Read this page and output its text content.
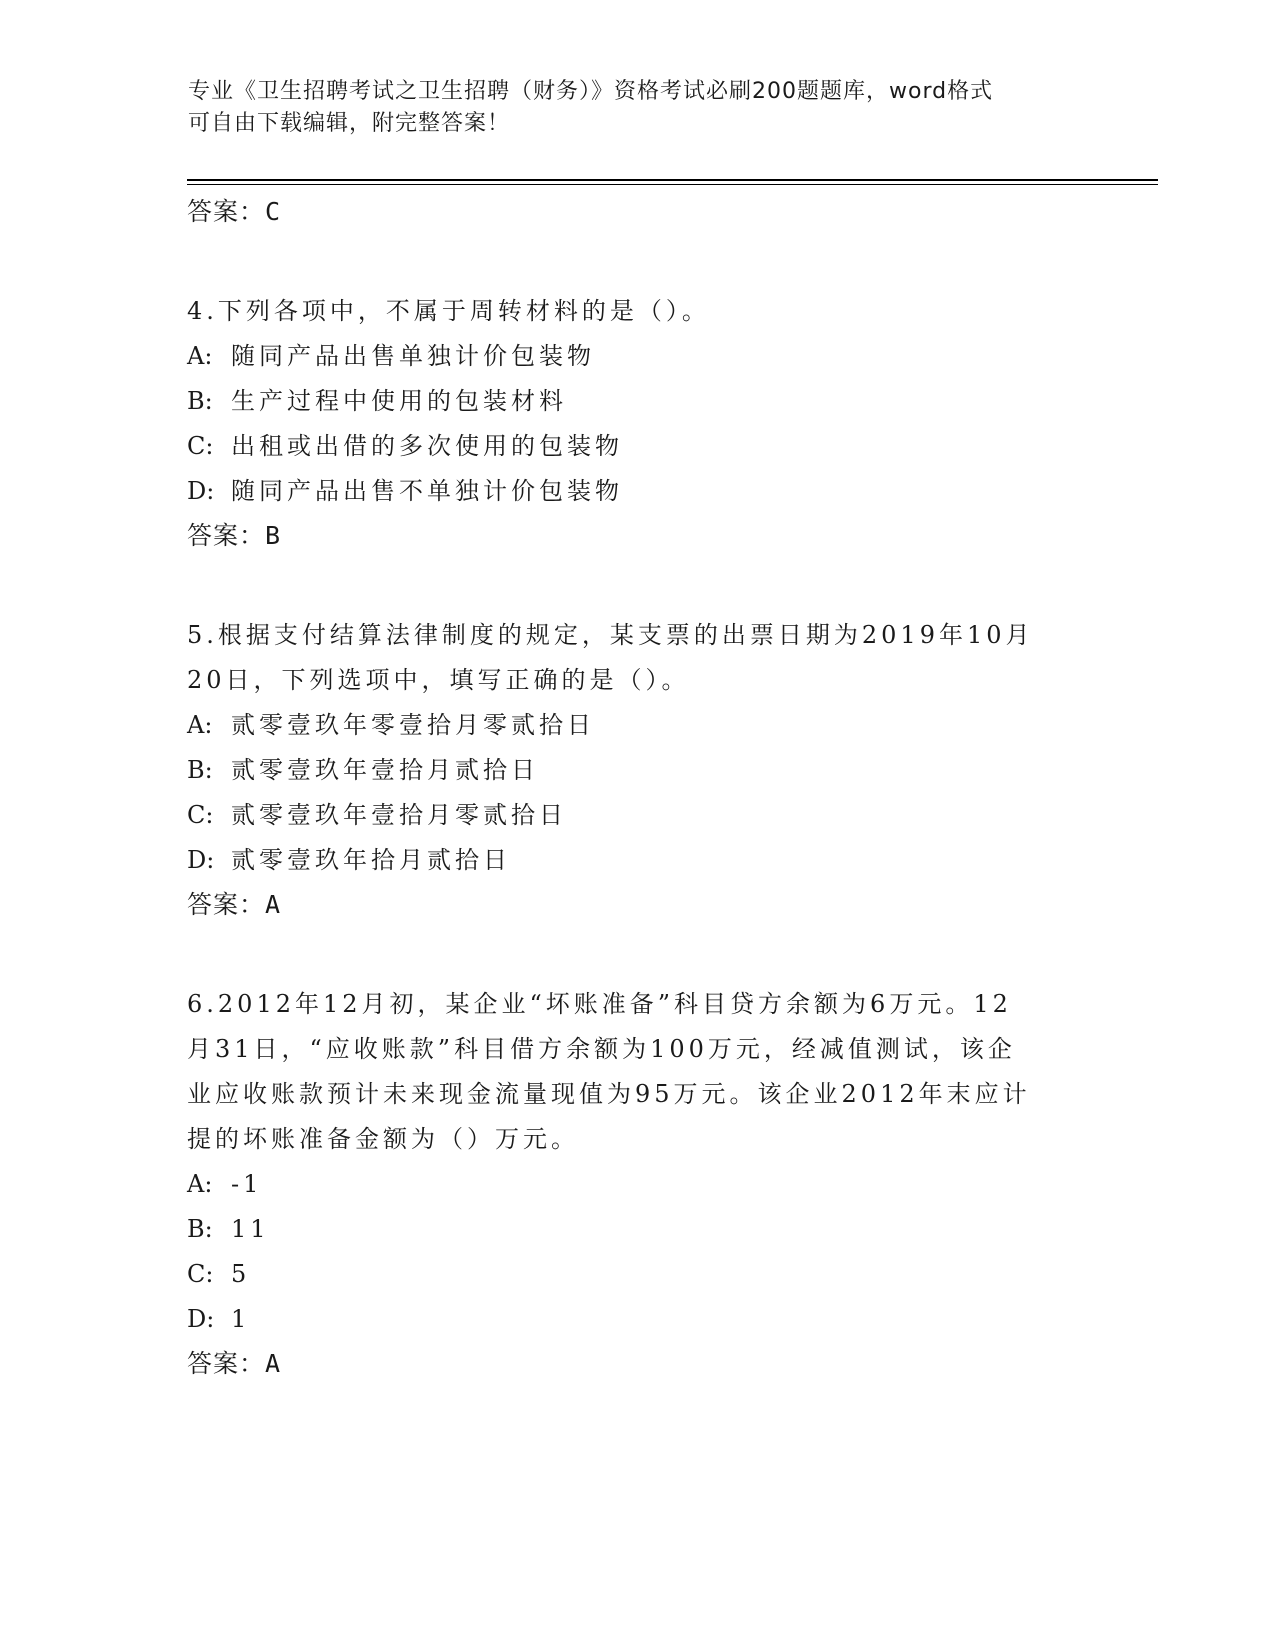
专业《卫生招聘考试之卫生招聘（财务）》资格考试必刷200题题库，word格式
可自由下载编辑，附完整答案！
答案：C
4.下列各项中，不属于周转材料的是（）。
A: 随同产品出售单独计价包装物
B: 生产过程中使用的包装材料
C: 出租或出借的多次使用的包装物
D: 随同产品出售不单独计价包装物
答案：B
5.根据支付结算法律制度的规定，某支票的出票日期为2019年10月
20日，下列选项中，填写正确的是（）。
A: 贰零壹玖年零壹拾月零贰拾日
B: 贰零壹玖年壹拾月贰拾日
C: 贰零壹玖年壹拾月零贰拾日
D: 贰零壹玖年拾月贰拾日
答案：A
6.2012年12月初，某企业“坏账准备”科目贷方余额为6万元。12
月31日，“应收账款”科目借方余额为100万元，经减值测试，该企
业应收账款预计未来现金流量现值为95万元。该企业2012年末应计
提的坏账准备金额为（）万元。
A: -1
B: 11
C: 5
D: 1
答案：A
